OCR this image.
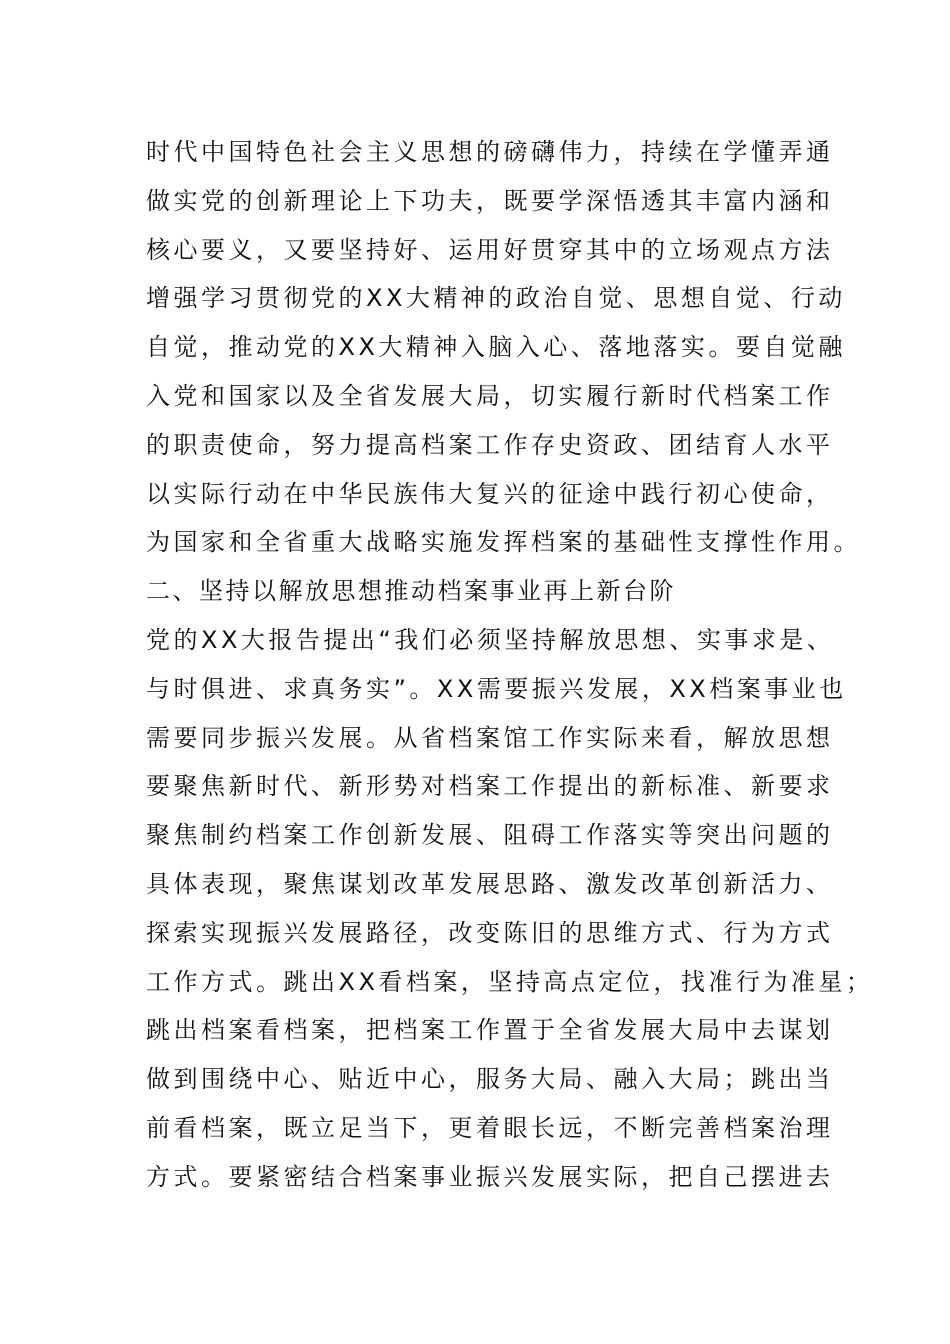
时代中国特色社会主义思想的磅礴伟力，持续在学懂弄通
做实党的创新理论上下功夫，既要学深悟透其丰富内涵和
核心要义，又要坚持好、运用好贯穿其中的立场观点方法
增强学习贯彻党的XX大精神的政治自觉、思想自觉、行动
自觉，推动党的XX大精神入脑入心、落地落实。要自觉融
入党和国家以及全省发展大局，切实履行新时代档案工作
的职责使命，努力提高档案工作存史资政、团结育人水平
以实际行动在中华民族伟大复兴的征途中践行初心使命，
为国家和全省重大战略实施发挥档案的基础性支撑性作用。
二、坚持以解放思想推动档案事业再上新台阶
党的XX大报告提出“我们必须坚持解放思想、实事求是、
与时俱进、求真务实”。XX需要振兴发展，XX档案事业也
需要同步振兴发展。从省档案馆工作实际来看，解放思想
要聚焦新时代、新形势对档案工作提出的新标准、新要求
聚焦制约档案工作创新发展、阻碍工作落实等突出问题的
具体表现，聚焦谋划改革发展思路、激发改革创新活力、
探索实现振兴发展路径，改变陈旧的思维方式、行为方式
工作方式。跳出XX看档案，坚持高点定位，找准行为准星；
跳出档案看档案，把档案工作置于全省发展大局中去谋划
做到围绕中心、贴近中心，服务大局、融入大局；跳出当
前看档案，既立足当下，更着眼长远，不断完善档案治理
方式。要紧密结合档案事业振兴发展实际，把自己摆进去
